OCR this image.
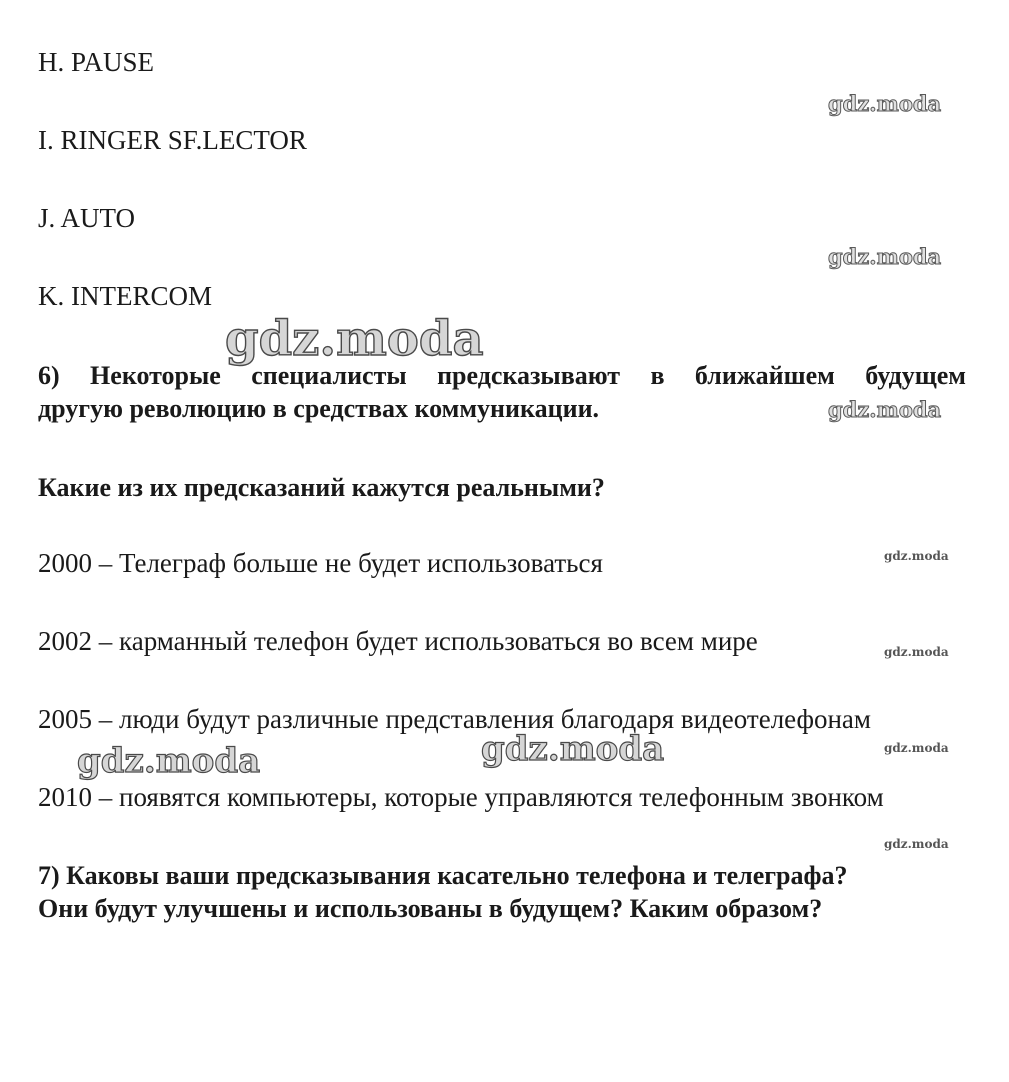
H. PAUSE

I. RINGER SF.LECTOR

J. AUTO

K. INTERCOM

6) Некоторые специалисты предсказывают в ближайшем будущем

другую революцию в средствах коммуникации.

Какие из их предсказаний кажутся реальными?

2000 – Телеграф больше не будет использоваться

2002 – карманный телефон будет использоваться во всем мире

2005 – люди будут различные представления благодаря видеотелефонам

2010 – появятся компьютеры, которые управляются телефонным звонком

7) Каковы ваши предсказывания касательно телефона и телеграфа?

Они будут улучшены и использованы в будущем? Каким образом?

gdz.moda
gdz.moda
gdz.moda
gdz.moda
gdz.moda
gdz.moda
gdz.moda	gdz.moda
gdz.moda
gdz.moda
